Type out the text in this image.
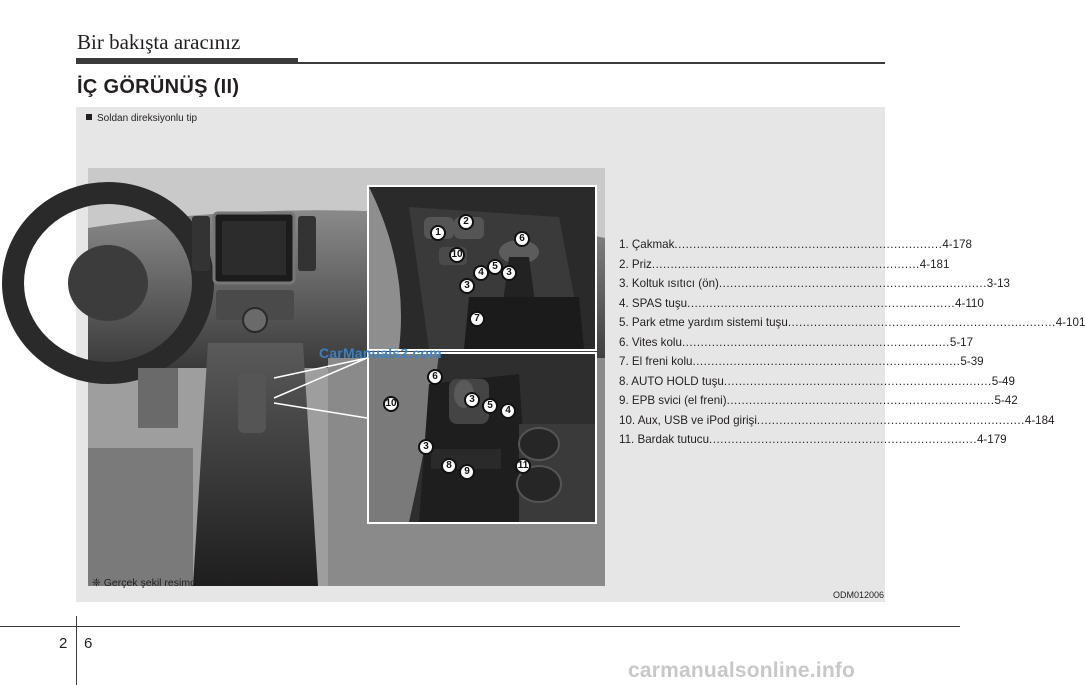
Bir bakışta aracınız
İÇ GÖRÜNÜŞ (II)
Soldan direksiyonlu tip
1
2
6
10
4
5
3
3
7
6
10	3
5	4
3
8
9
11
CarManuals2.com
1. Çakmak ........................................................................ 4-178
2. Priz ........................................................................ 4-181
3. Koltuk ısıtıcı (ön) ........................................................................ 3-13
4. SPAS tuşu ........................................................................ 4-110
5. Park etme yardım sistemi tuşu ........................................................................ 4-101
6. Vites kolu ........................................................................ 5-17
7. El freni kolu ........................................................................ 5-39
8. AUTO HOLD tuşu ........................................................................ 5-49
9. EPB svici (el freni) ........................................................................ 5-42
10. Aux, USB ve iPod girişi ........................................................................ 4-184
11. Bardak tutucu ........................................................................ 4-179
❈ Gerçek şekil resimdekinden farklı olabilir.
ODM012006
2 6
carmanualsonline.info
